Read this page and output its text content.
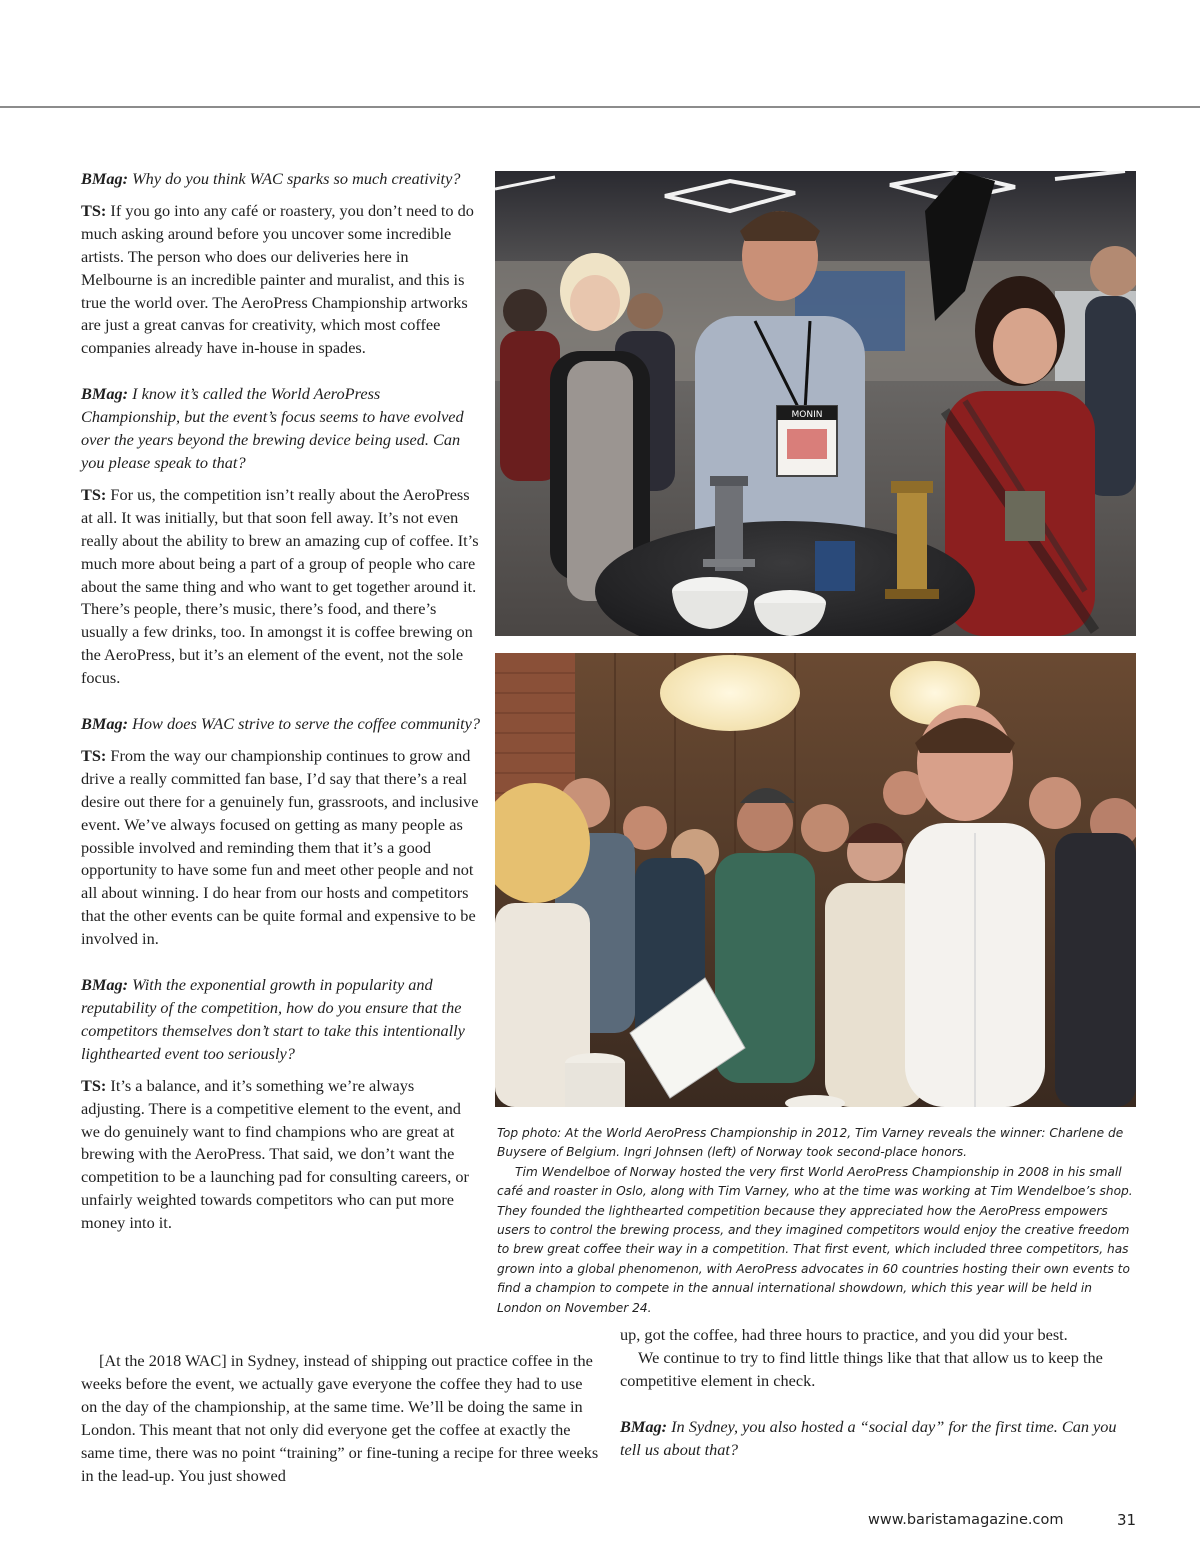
BMag: Why do you think WAC sparks so much creativity?

TS: If you go into any café or roastery, you don’t need to do much asking around before you uncover some incredible artists. The person who does our deliveries here in Melbourne is an incredible painter and muralist, and this is true the world over. The AeroPress Championship artworks are just a great canvas for creativity, which most coffee companies already have in-house in spades.

BMag: I know it’s called the World AeroPress Championship, but the event’s focus seems to have evolved over the years beyond the brewing device being used. Can you please speak to that?

TS: For us, the competition isn’t really about the AeroPress at all. It was initially, but that soon fell away. It’s not even really about the ability to brew an amazing cup of coffee. It’s much more about being a part of a group of people who care about the same thing and who want to get together around it. There’s people, there’s music, there’s food, and there’s usually a few drinks, too. In amongst it is coffee brewing on the AeroPress, but it’s an element of the event, not the sole focus.

BMag: How does WAC strive to serve the coffee community?

TS: From the way our championship continues to grow and drive a really committed fan base, I’d say that there’s a real desire out there for a genuinely fun, grassroots, and inclusive event. We’ve always focused on getting as many people as possible involved and reminding them that it’s a good opportunity to have some fun and meet other people and not all about winning. I do hear from our hosts and competitors that the other events can be quite formal and expensive to be involved in.

BMag: With the exponential growth in popularity and reputability of the competition, how do you ensure that the competitors themselves don’t start to take this intentionally lighthearted event too seriously?

TS: It’s a balance, and it’s something we’re always adjusting. There is a competitive element to the event, and we do genuinely want to find champions who are great at brewing with the AeroPress. That said, we don’t want the competition to be a launching pad for consulting careers, or unfairly weighted towards competitors who can put more money into it.

[At the 2018 WAC] in Sydney, instead of shipping out practice coffee in the weeks before the event, we actually gave everyone the coffee they had to use on the day of the championship, at the same time. We’ll be doing the same in London. This meant that not only did everyone get the coffee at exactly the same time, there was no point “training” or fine-tuning a recipe for three weeks in the lead-up. You just showed

up, got the coffee, had three hours to practice, and you did your best.

We continue to try to find little things like that that allow us to keep the competitive element in check.

BMag: In Sydney, you also hosted a “social day” for the first time. Can you tell us about that?

MONIN

Top photo: At the World AeroPress Championship in 2012, Tim Varney reveals the winner: Charlene de Buysere of Belgium. Ingri Johnsen (left) of Norway took second-place honors.

Tim Wendelboe of Norway hosted the very first World AeroPress Championship in 2008 in his small café and roaster in Oslo, along with Tim Varney, who at the time was working at Tim Wendelboe’s shop. They founded the lighthearted competition because they appreciated how the AeroPress empowers users to control the brewing process, and they imagined competitors would enjoy the creative freedom to brew great coffee their way in a competition. That first event, which included three competitors, has grown into a global phenomenon, with AeroPress advocates in 60 countries hosting their own events to find a champion to compete in the annual international showdown, which this year will be held in London on November 24.

www.baristamagazine.com	31
